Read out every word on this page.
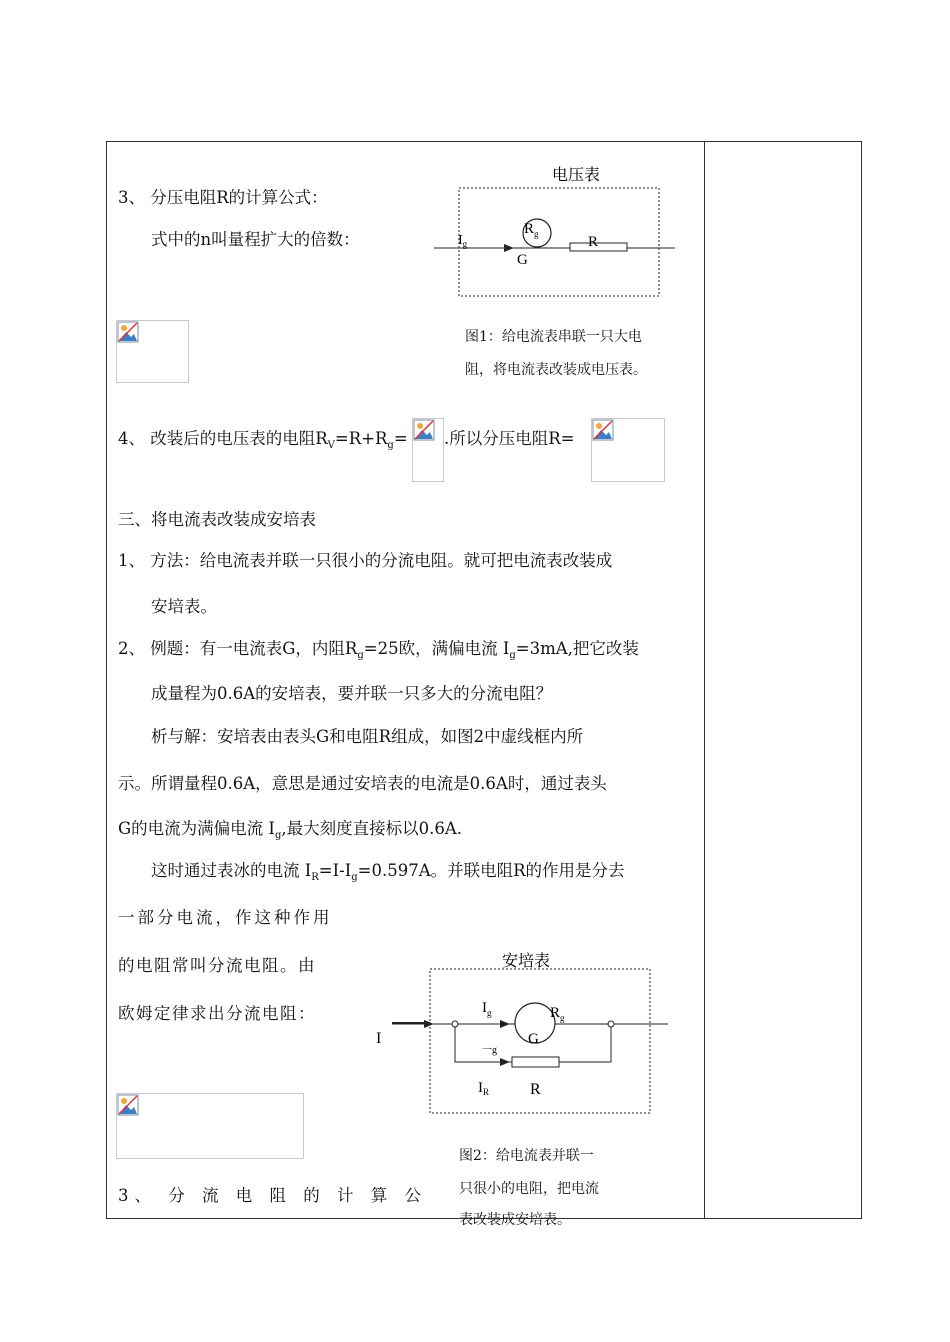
3、 分压电阻R的计算公式：
式中的n叫量程扩大的倍数：
电压表
$I_g$
$R_g$
G
R
图1：给电流表串联一只大电
阻，将电流表改装成电压表。
4、 改装后的电压表的电阻$R_V=R+R_g=$ .所以分压电阻R=
三、将电流表改装成安培表
1、 方法：给电流表并联一只很小的分流电阻。就可把电流表改装成
安培表。
2、 例题：有一电流表G，内阻$R_g=25$欧，满偏电流 $I_g=3mA$,把它改装
成量程为0.6A的安培表，要并联一只多大的分流电阻？
析与解：安培表由表头G和电阻R组成，如图2中虚线框内所
示。所谓量程0.6A，意思是通过安培表的电流是0.6A时，通过表头
G的电流为满偏电流 $I_g$,最大刻度直接标以0.6A.
这时通过表冰的电流 $I_R=I-I_g=0.597A$。并联电阻R的作用是分去
一部分电流，作这种作用
的电阻常叫分流电阻。由
欧姆定律求出分流电阻：
安培表
I
$I_g$	$R_g$
G
一g
$I_R$	R
图2：给电流表并联一
只很小的电阻，把电流
表改装成安培表。
3、 分 流 电 阻 的 计 算 公
